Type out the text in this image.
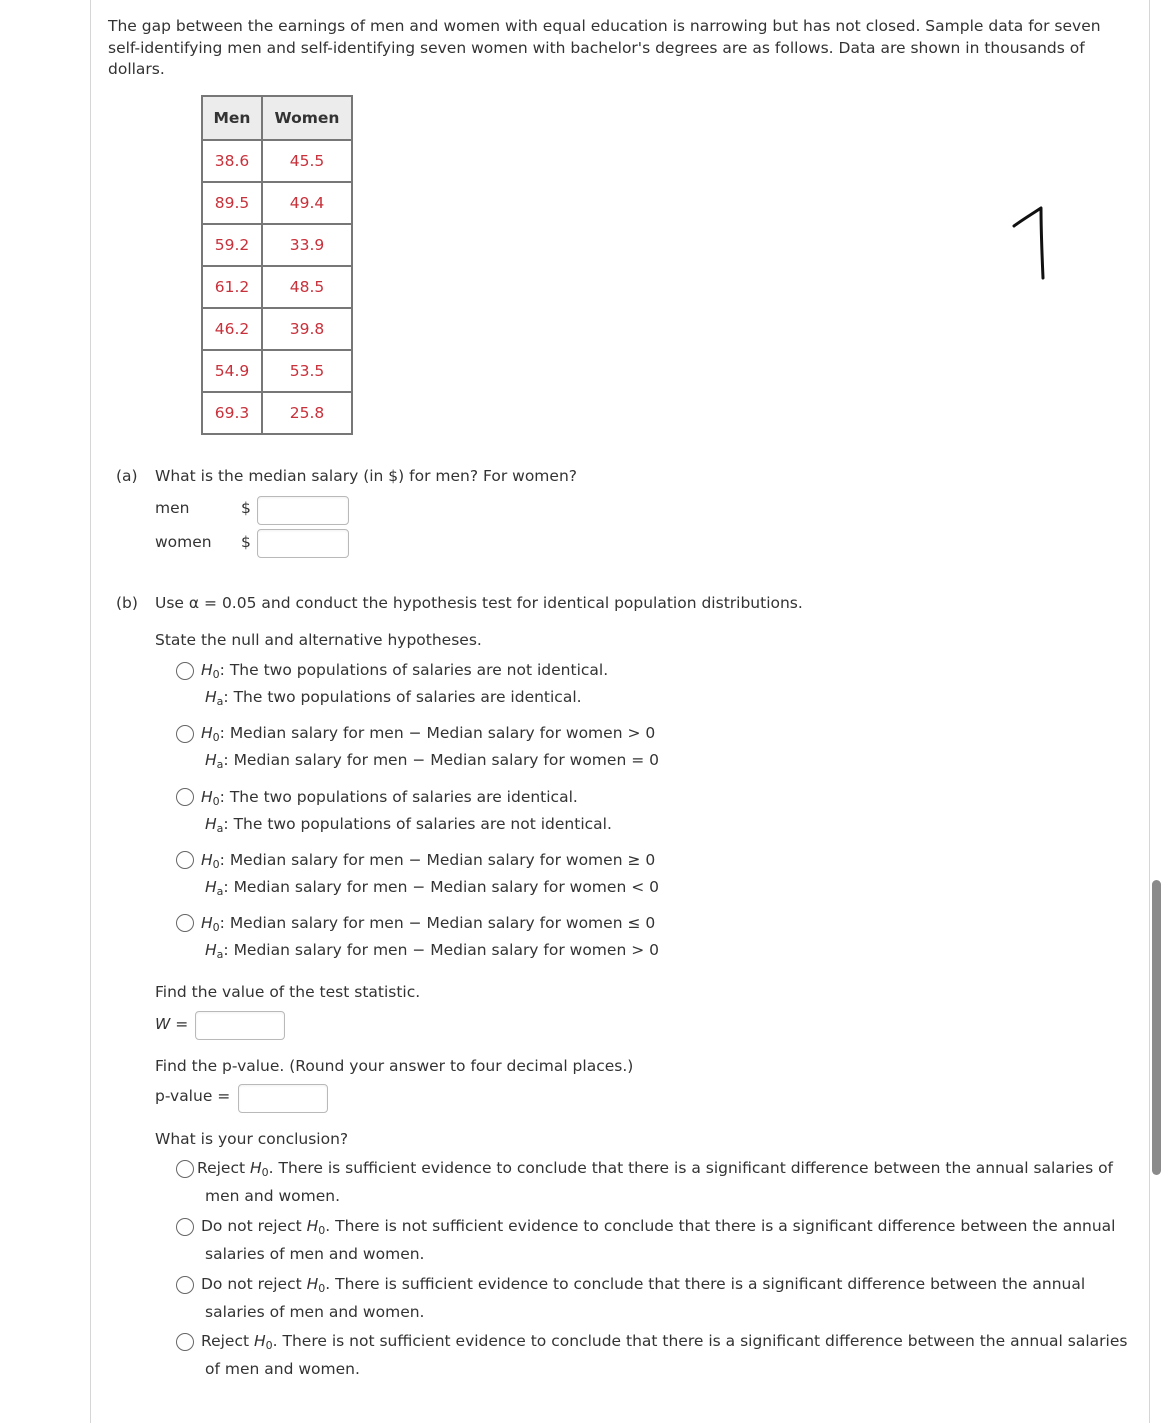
The gap between the earnings of men and women with equal education is narrowing but has not closed. Sample data for seven self-identifying men and self-identifying seven women with bachelor's degrees are as follows. Data are shown in thousands of dollars.
Men	Women
38.6	45.5
89.5	49.4
59.2	33.9
61.2	48.5
46.2	39.8
54.9	53.5
69.3	25.8
(a) What is the median salary (in $) for men? For women?
men	$
women $
(b) Use α = 0.05 and conduct the hypothesis test for identical population distributions.
State the null and alternative hypotheses.
$H_0$: The two populations of salaries are not identical.
$H_a$: The two populations of salaries are identical.
$H_0$: Median salary for men − Median salary for women > 0
$H_a$: Median salary for men − Median salary for women = 0
$H_0$: The two populations of salaries are identical.
$H_a$: The two populations of salaries are not identical.
$H_0$: Median salary for men − Median salary for women ≥ 0
$H_a$: Median salary for men − Median salary for women < 0
$H_0$: Median salary for men − Median salary for women ≤ 0
$H_a$: Median salary for men − Median salary for women > 0
Find the value of the test statistic.
W =
Find the p-value. (Round your answer to four decimal places.)
p-value =
What is your conclusion?
Reject $H_0$. There is sufficient evidence to conclude that there is a significant difference between the annual salaries of men and women.
Do not reject $H_0$. There is not sufficient evidence to conclude that there is a significant difference between the annual salaries of men and women.
Do not reject $H_0$. There is sufficient evidence to conclude that there is a significant difference between the annual salaries of men and women.
Reject $H_0$. There is not sufficient evidence to conclude that there is a significant difference between the annual salaries of men and women.
